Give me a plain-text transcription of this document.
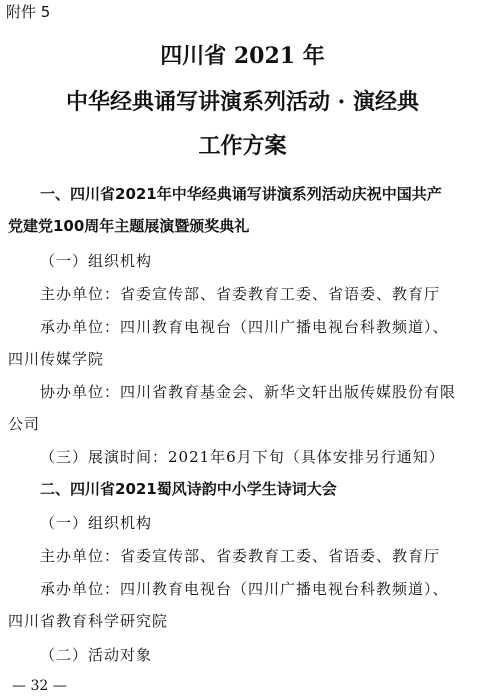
附件 5
四川省 2021 年
中华经典诵写讲演系列活动 · 演经典
工作方案
一、四川省2021年中华经典诵写讲演系列活动庆祝中国共产
党建党100周年主题展演暨颁奖典礼
（一）组织机构
主办单位：省委宣传部、省委教育工委、省语委、教育厅
承办单位：四川教育电视台（四川广播电视台科教频道）、
四川传媒学院
协办单位：四川省教育基金会、新华文轩出版传媒股份有限
公司
（三）展演时间：2021年6月下旬（具体安排另行通知）
二、四川省2021蜀风诗韵中小学生诗词大会
（一）组织机构
主办单位：省委宣传部、省委教育工委、省语委、教育厅
承办单位：四川教育电视台（四川广播电视台科教频道）、
四川省教育科学研究院
（二）活动对象
— 32 —
